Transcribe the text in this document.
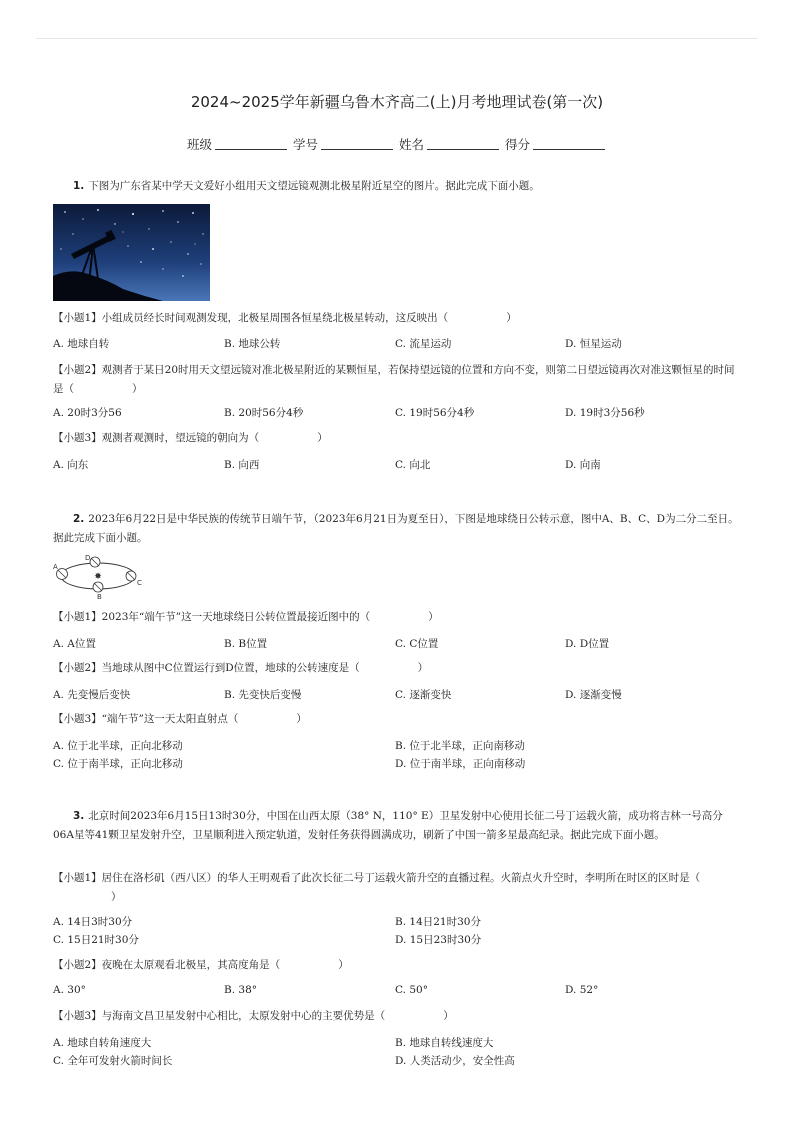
2024~2025学年新疆乌鲁木齐高二(上)月考地理试卷(第一次)
班级	学号	姓名	得分
1. 下图为广东省某中学天文爱好小组用天文望远镜观测北极星附近星空的图片。据此完成下面小题。
【小题1】小组成员经长时间观测发现，北极星周围各恒星绕北极星转动，这反映出（	）
A. 地球自转	B. 地球公转	C. 流星运动	D. 恒星运动
【小题2】观测者于某日20时用天文望远镜对准北极星附近的某颗恒星，若保持望远镜的位置和方向不变，则第二日望远镜再次对准这颗恒星的时间是（	）
A. 20时3分56	B. 20时56分4秒	C. 19时56分4秒	D. 19时3分56秒
【小题3】观测者观测时，望远镜的朝向为（	）
A. 向东	B. 向西	C. 向北	D. 向南
2. 2023年6月22日是中华民族的传统节日端午节，（2023年6月21日为夏至日），下图是地球绕日公转示意，图中A、B、C、D为二分二至日。据此完成下面小题。
✸
A
B
C
D
【小题1】2023年“端午节”这一天地球绕日公转位置最接近图中的（	）
A. A位置	B. B位置	C. C位置	D. D位置
【小题2】当地球从图中C位置运行到D位置，地球的公转速度是（	）
A. 先变慢后变快	B. 先变快后变慢	C. 逐渐变快	D. 逐渐变慢
【小题3】“端午节”这一天太阳直射点（	）
A. 位于北半球，正向北移动	B. 位于北半球，正向南移动
C. 位于南半球，正向北移动	D. 位于南半球，正向南移动
3. 北京时间2023年6月15日13时30分，中国在山西太原（38° N，110° E）卫星发射中心使用长征二号丁运载火箭，成功将吉林一号高分06A星等41颗卫星发射升空，卫星顺利进入预定轨道，发射任务获得圆满成功，刷新了中国一箭多星最高纪录。据此完成下面小题。
【小题1】居住在洛杉矶（西八区）的华人王明观看了此次长征二号丁运载火箭升空的直播过程。火箭点火升空时，李明所在时区的区时是（）
A. 14日3时30分	B. 14日21时30分
C. 15日21时30分	D. 15日23时30分
【小题2】夜晚在太原观看北极星，其高度角是（	）
A. 30°	B. 38°	C. 50°	D. 52°
【小题3】与海南文昌卫星发射中心相比，太原发射中心的主要优势是（	）
A. 地球自转角速度大	B. 地球自转线速度大
C. 全年可发射火箭时间长	D. 人类活动少，安全性高
